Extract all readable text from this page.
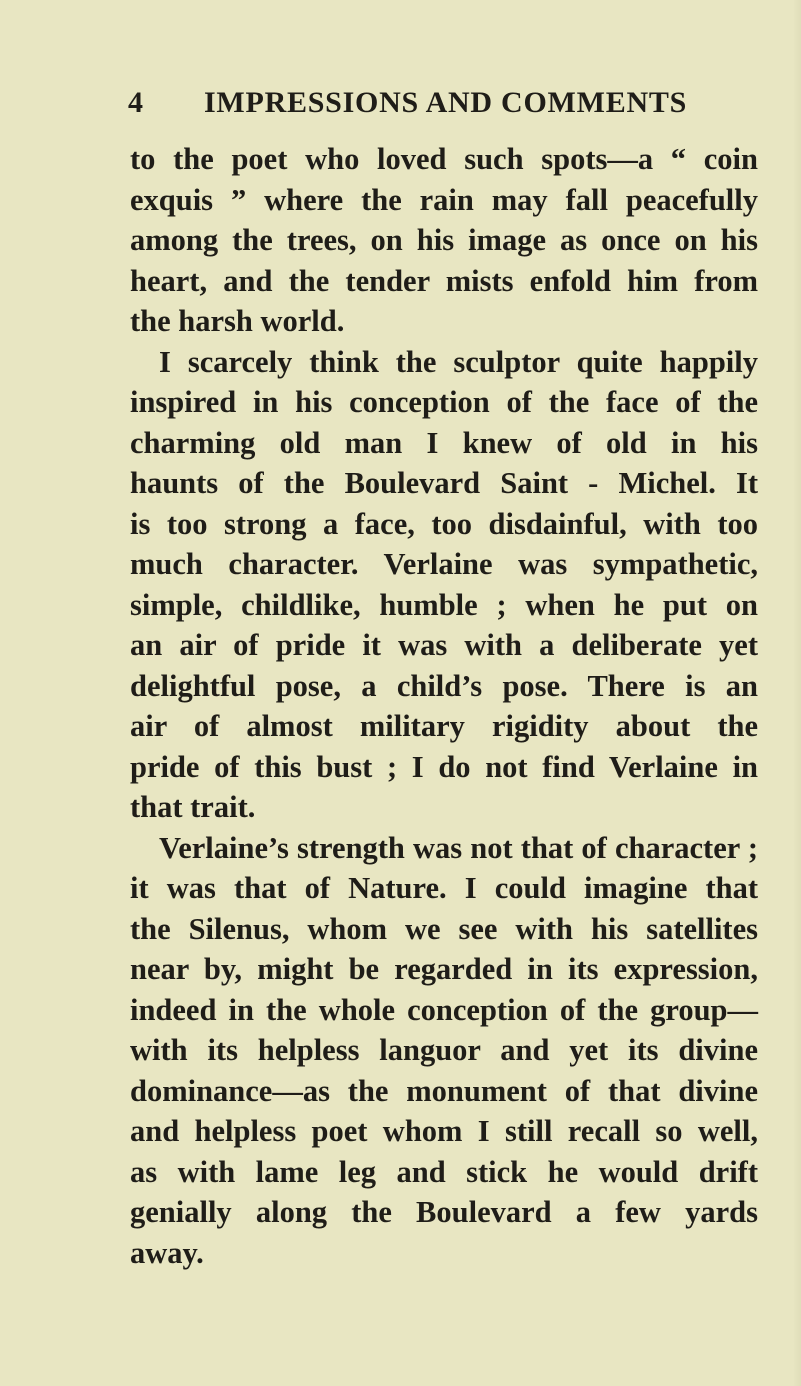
4 IMPRESSIONS AND COMMENTS
to the poet who loved such spots—a “ coin
exquis ” where the rain may fall peacefully
among the trees, on his image as once on his
heart, and the tender mists enfold him from
the harsh world.
I scarcely think the sculptor quite happily
inspired in his conception of the face of the
charming old man I knew of old in his
haunts of the Boulevard Saint - Michel. It
is too strong a face, too disdainful, with too
much character. Verlaine was sympathetic,
simple, childlike, humble ; when he put on
an air of pride it was with a deliberate yet
delightful pose, a child’s pose. There is an
air of almost military rigidity about the
pride of this bust ; I do not find Verlaine in
that trait.
Verlaine’s strength was not that of character ;
it was that of Nature. I could imagine that
the Silenus, whom we see with his satellites
near by, might be regarded in its expression,
indeed in the whole conception of the group—
with its helpless languor and yet its divine
dominance—as the monument of that divine
and helpless poet whom I still recall so well,
as with lame leg and stick he would drift
genially along the Boulevard a few yards
away.
